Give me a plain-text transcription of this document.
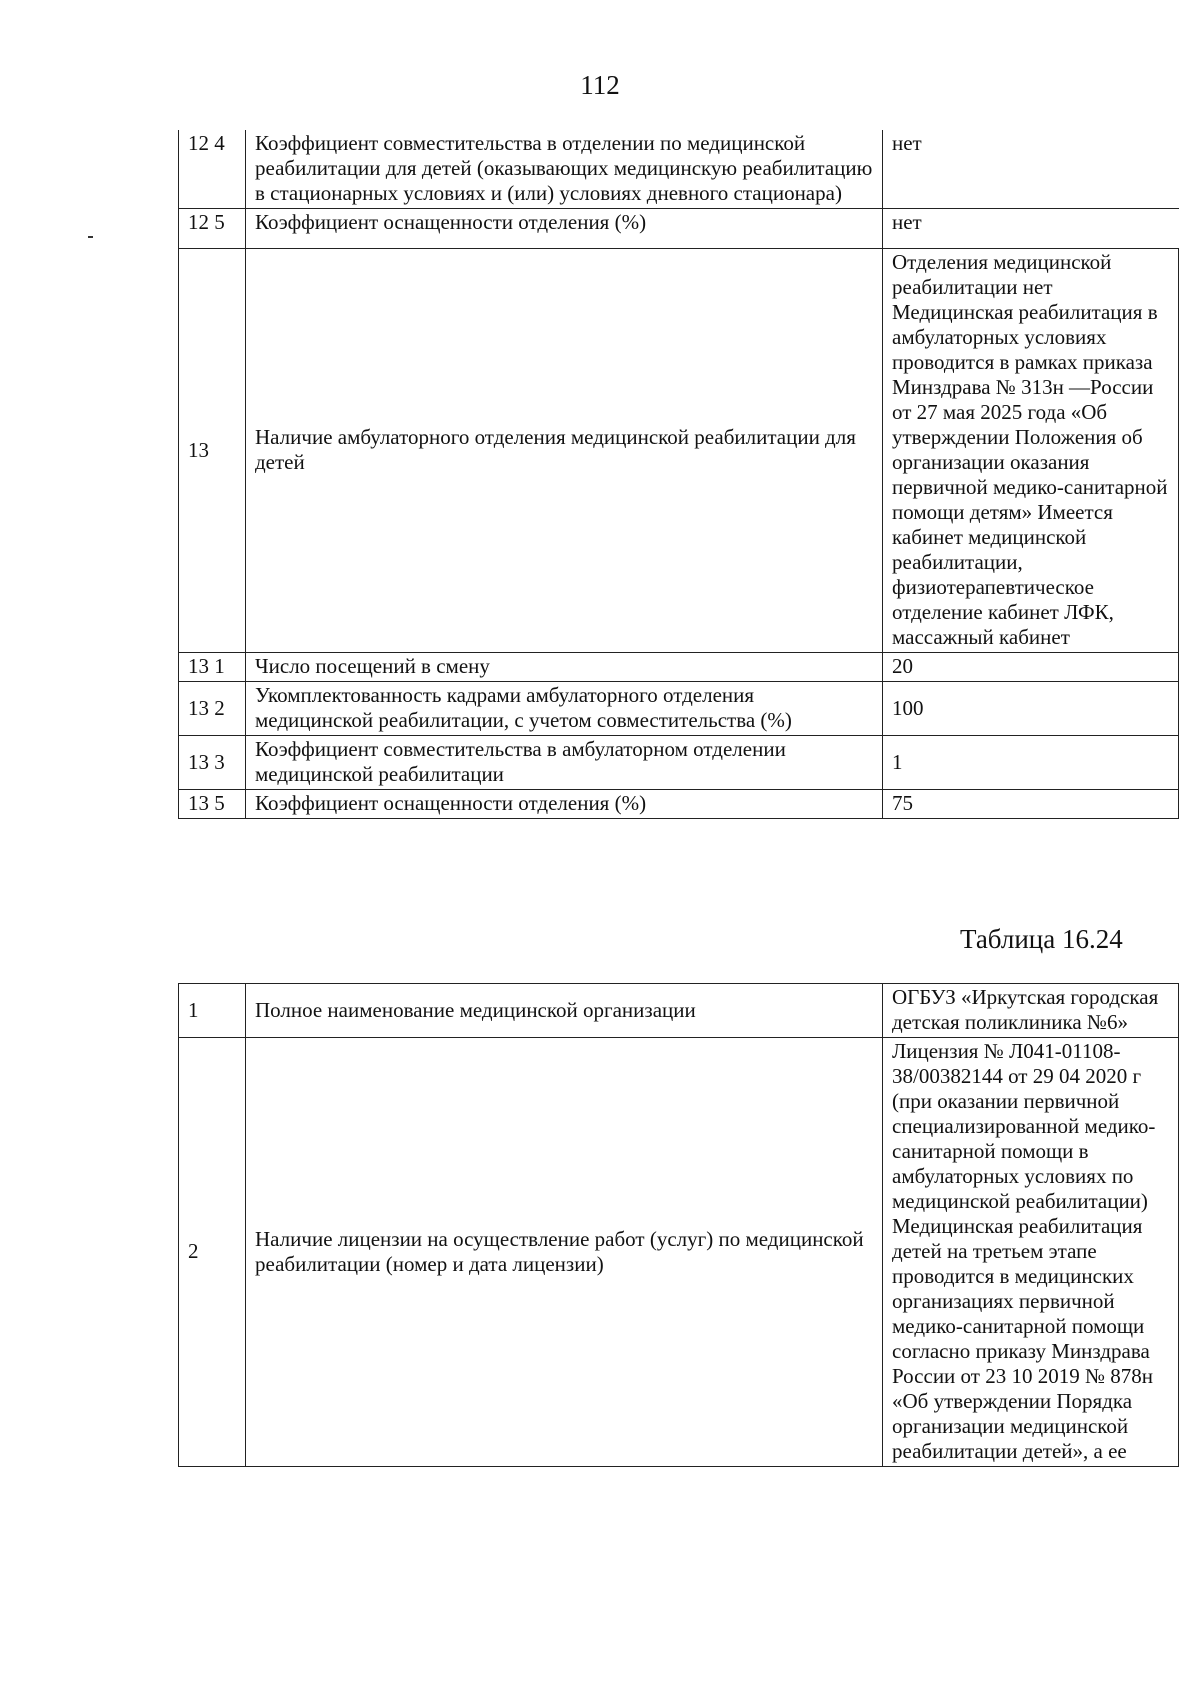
112
12 4	Коэффициент совместительства в отделении по медицинской реабилитации для детей (оказывающих медицинскую реабилитацию в стационарных условиях и (или) условиях дневного стационара)	нет
12 5	Коэффициент оснащенности отделения (%)	нет
13	Наличие амбулаторного отделения медицинской реабилитации для детей	Отделения медицинской реабилитации нет Медицинская реабилитация в амбулаторных условиях проводится в рамках приказа Минздрава № 313н —России от 27 мая 2025 года «Об утверждении Положения об организации оказания первичной медико-санитарной помощи детям» Имеется кабинет медицинской реабилитации, физиотерапевтическое отделение кабинет ЛФК, массажный кабинет
13 1	Число посещений в смену	20
13 2	Укомплектованность кадрами амбулаторного отделения медицинской реабилитации, с учетом совместительства (%)	100
13 3	Коэффициент совместительства в амбулаторном отделении медицинской реабилитации	1
13 5	Коэффициент оснащенности отделения (%)	75
Таблица 16.24
1	Полное наименование медицинской организации	ОГБУЗ «Иркутская городская детская поликлиника №6»
2	Наличие лицензии на осуществление работ (услуг) по медицинской реабилитации (номер и дата лицензии)	Лицензия № Л041-01108-38/00382144 от 29 04 2020 г (при оказании первичной специализированной медико-санитарной помощи в амбулаторных условиях по медицинской реабилитации) Медицинская реабилитация детей на третьем этапе проводится в медицинских организациях первичной медико-санитарной помощи согласно приказу Минздрава России от 23 10 2019 № 878н «Об утверждении Порядка организации медицинской реабилитации детей», а ее
